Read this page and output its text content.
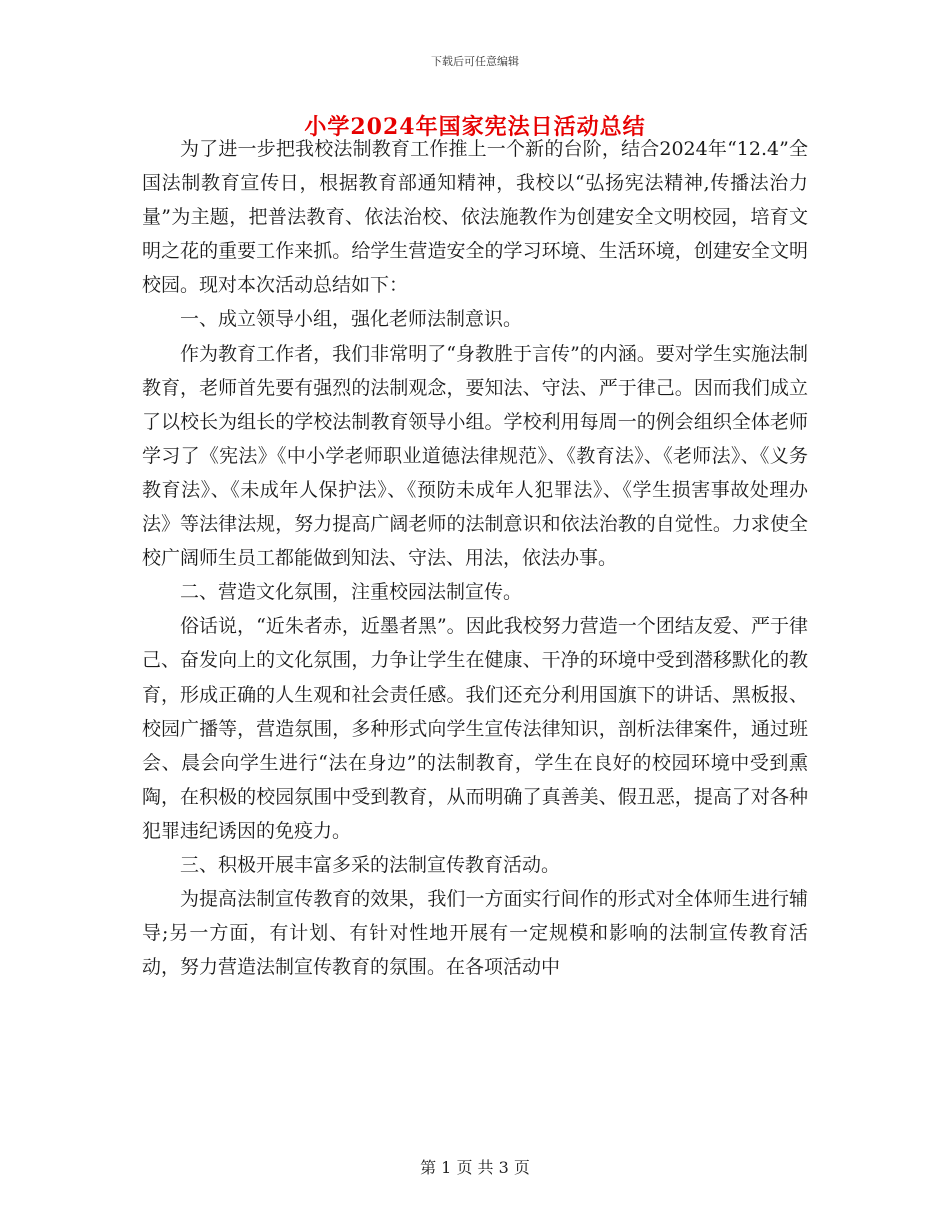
下载后可任意编辑
小学2024年国家宪法日活动总结

为了进一步把我校法制教育工作推上一个新的台阶，结合2024年“12.4”全国法制教育宣传日，根据教育部通知精神，我校以“弘扬宪法精神,传播法治力量”为主题，把普法教育、依法治校、依法施教作为创建安全文明校园，培育文明之花的重要工作来抓。给学生营造安全的学习环境、生活环境，创建安全文明校园。现对本次活动总结如下：

一、成立领导小组，强化老师法制意识。

作为教育工作者，我们非常明了“身教胜于言传”的内涵。要对学生实施法制教育，老师首先要有强烈的法制观念，要知法、守法、严于律己。因而我们成立了以校长为组长的学校法制教育领导小组。学校利用每周一的例会组织全体老师学习了《宪法》《中小学老师职业道德法律规范》、《教育法》、《老师法》、《义务教育法》、《未成年人保护法》、《预防未成年人犯罪法》、《学生损害事故处理办法》等法律法规，努力提高广阔老师的法制意识和依法治教的自觉性。力求使全校广阔师生员工都能做到知法、守法、用法，依法办事。

二、营造文化氛围，注重校园法制宣传。

俗话说，“近朱者赤，近墨者黑”。因此我校努力营造一个团结友爱、严于律己、奋发向上的文化氛围，力争让学生在健康、干净的环境中受到潜移默化的教育，形成正确的人生观和社会责任感。我们还充分利用国旗下的讲话、黑板报、校园广播等，营造氛围，多种形式向学生宣传法律知识，剖析法律案件，通过班会、晨会向学生进行“法在身边”的法制教育，学生在良好的校园环境中受到熏陶，在积极的校园氛围中受到教育，从而明确了真善美、假丑恶，提高了对各种犯罪违纪诱因的免疫力。

三、积极开展丰富多采的法制宣传教育活动。

为提高法制宣传教育的效果，我们一方面实行间作的形式对全体师生进行辅导;另一方面，有计划、有针对性地开展有一定规模和影响的法制宣传教育活动，努力营造法制宣传教育的氛围。在各项活动中

第 1 页 共 3 页
